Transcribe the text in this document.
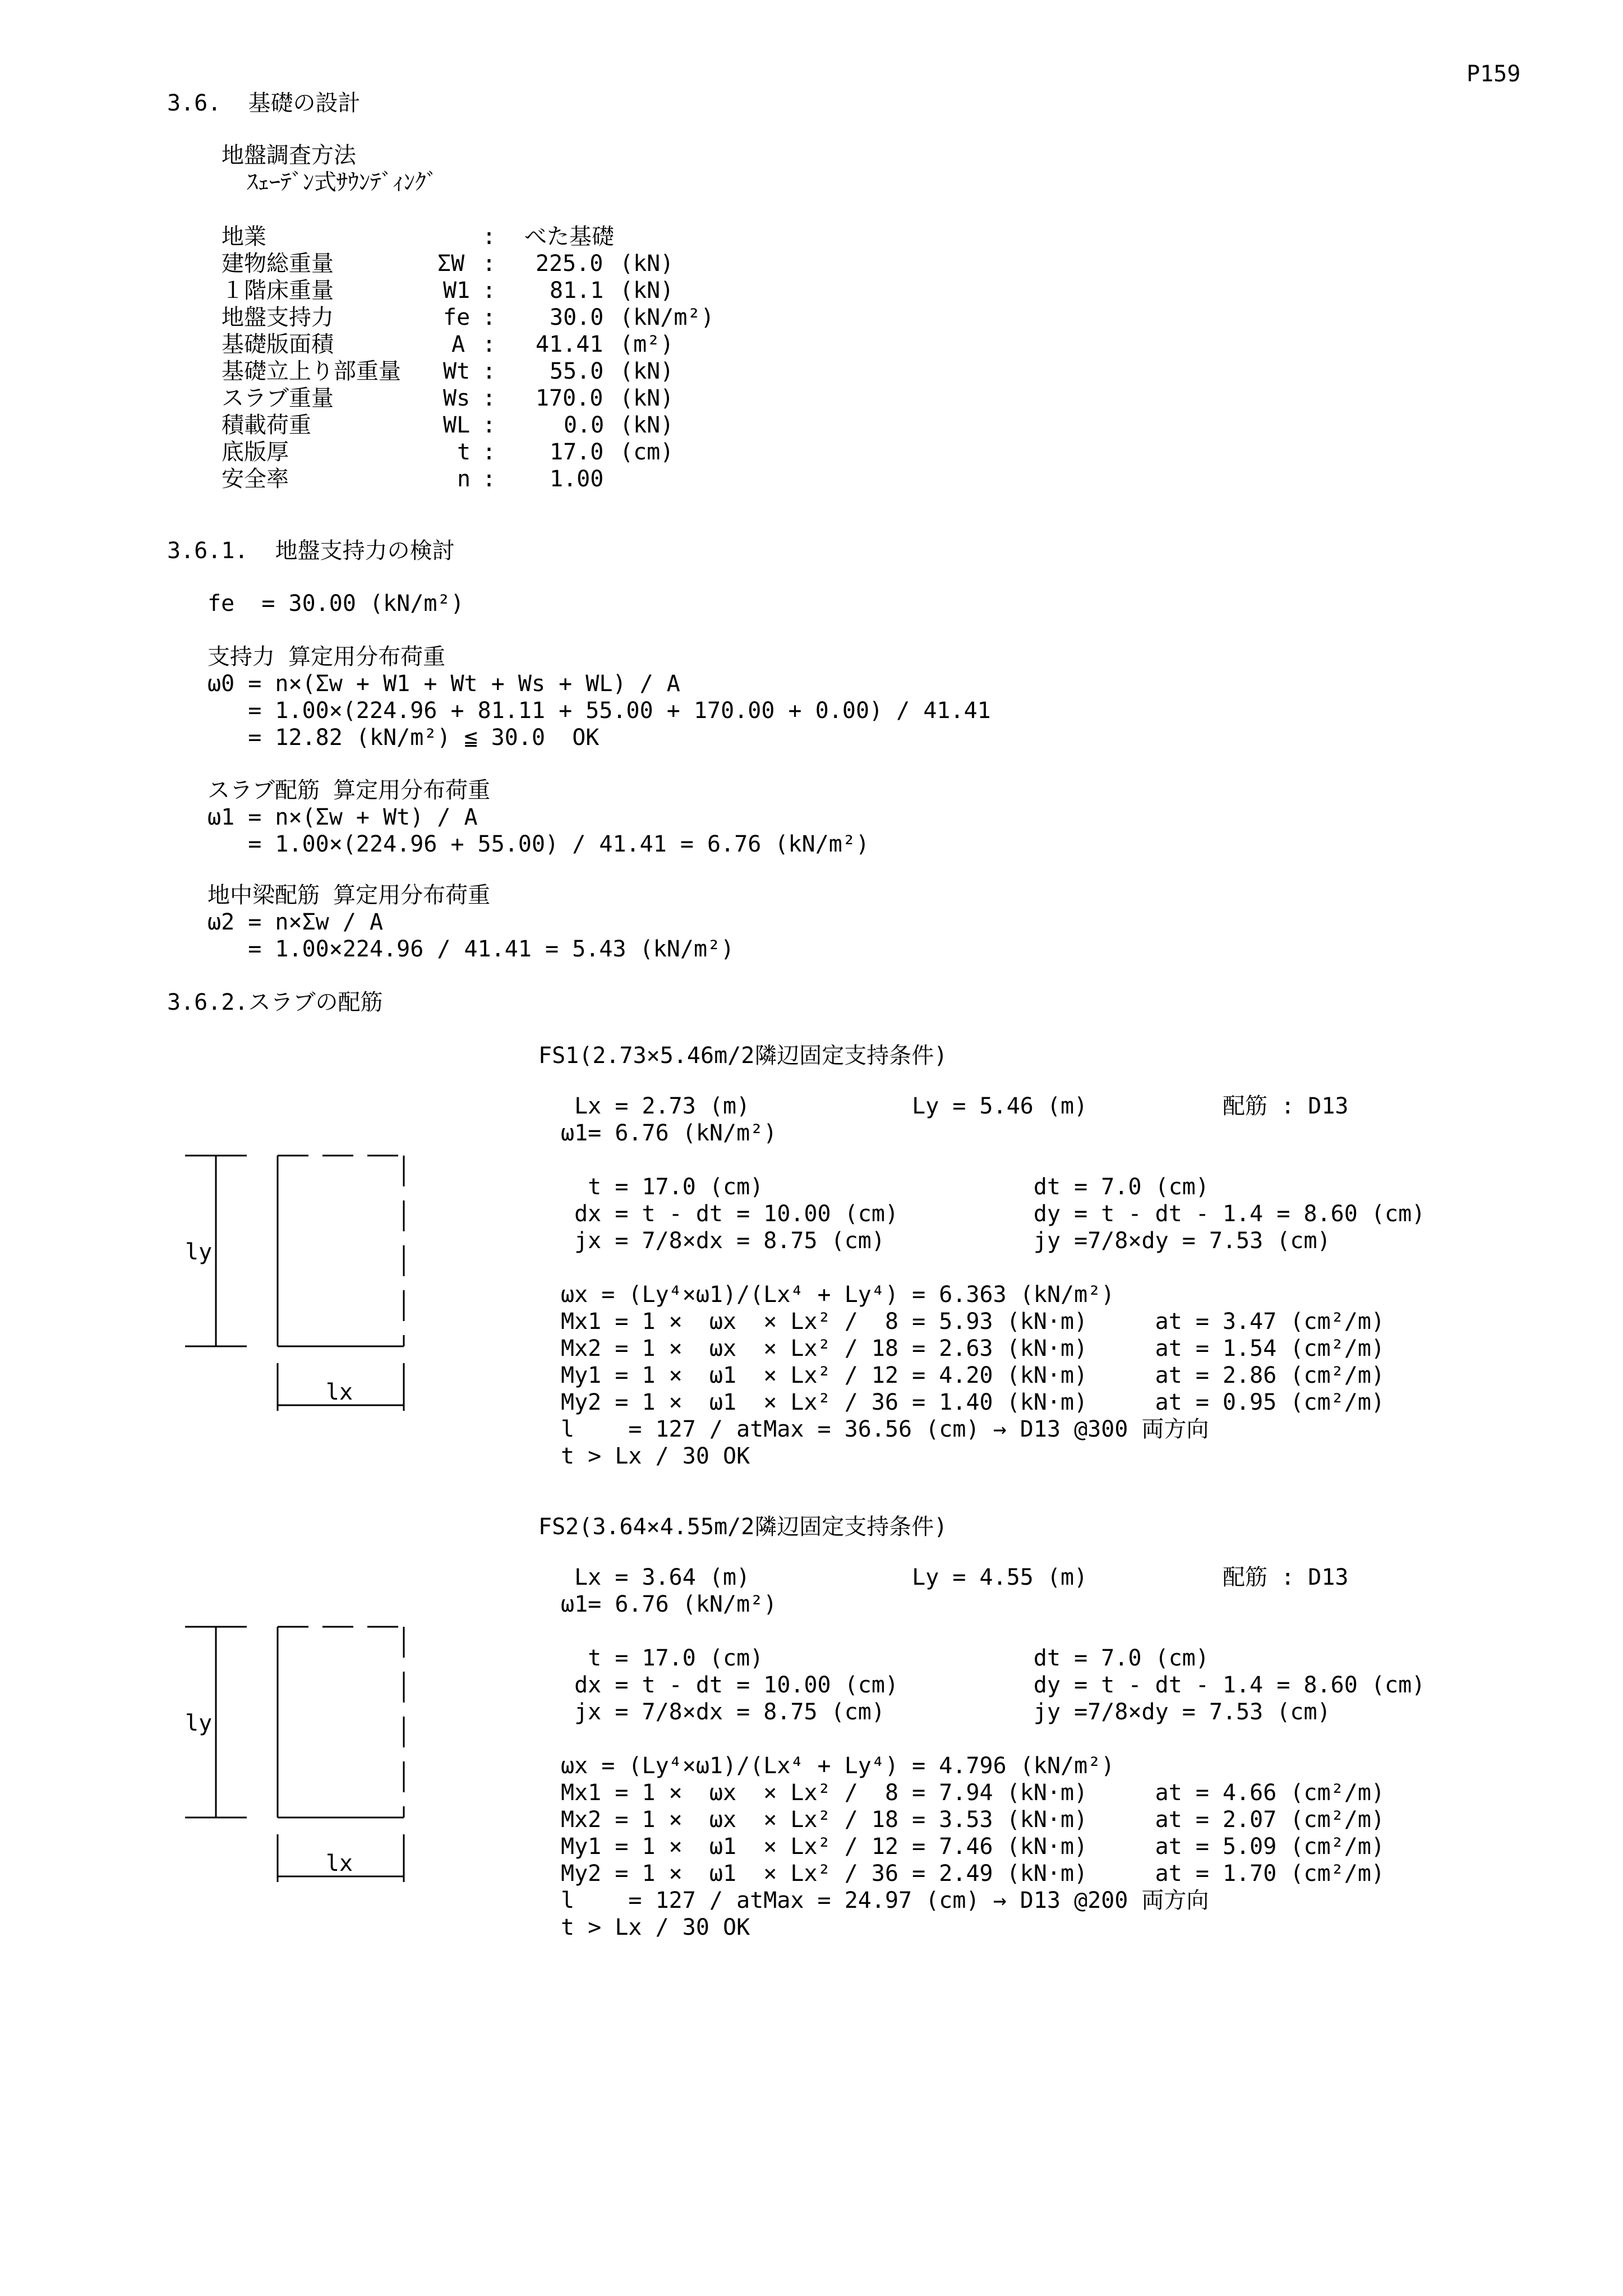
P159
3.6.  基礎の設計
地盤調査方法
ｽｪｰﾃﾞﾝ式ｻｳﾝﾃﾞｨﾝｸﾞ
地業	: べた基礎
建物総重量	ΣW : 225.0 (kN)
１階床重量	W1 : 81.1 (kN)
地盤支持力	fe : 30.0 (kN/m²)
基礎版面積	A : 41.41 (m²)
基礎立上り部重量 Wt : 55.0 (kN)
スラブ重量	Ws : 170.0 (kN)
積載荷重	WL :	0.0 (kN)
底版厚	t : 17.0 (cm)
安全率	n : 1.00
3.6.1.  地盤支持力の検討
fe  = 30.00 (kN/m²)
支持力 算定用分布荷重
ω0 = n×(Σw + W1 + Wt + Ws + WL) / A
= 1.00×(224.96 + 81.11 + 55.00 + 170.00 + 0.00) / 41.41
= 12.82 (kN/m²) ≦ 30.0  OK
スラブ配筋 算定用分布荷重
ω1 = n×(Σw + Wt) / A
= 1.00×(224.96 + 55.00) / 41.41 = 6.76 (kN/m²)
地中梁配筋 算定用分布荷重
ω2 = n×Σw / A
= 1.00×224.96 / 41.41 = 5.43 (kN/m²)
3.6.2.スラブの配筋
FS1(2.73×5.46m/2隣辺固定支持条件)
Lx = 2.73 (m)            Ly = 5.46 (m)          配筋 : D13
ω1= 6.76 (kN/m²)
t = 17.0 (cm)                    dt = 7.0 (cm)
dx = t - dt = 10.00 (cm)          dy = t - dt - 1.4 = 8.60 (cm)
jx = 7/8×dx = 8.75 (cm)           jy =7/8×dy = 7.53 (cm)
ωx = (Ly⁴×ω1)/(Lx⁴ + Ly⁴) = 6.363 (kN/m²)
Mx1 = 1 ×  ωx  × Lx² /  8 = 5.93 (kN·m)     at = 3.47 (cm²/m)
Mx2 = 1 ×  ωx  × Lx² / 18 = 2.63 (kN·m)     at = 1.54 (cm²/m)
My1 = 1 ×  ω1  × Lx² / 12 = 4.20 (kN·m)     at = 2.86 (cm²/m)
My2 = 1 ×  ω1  × Lx² / 36 = 1.40 (kN·m)     at = 0.95 (cm²/m)
l    = 127 / atMax = 36.56 (cm) → D13 @300 両方向
t > Lx / 30 OK
ly
lx
FS2(3.64×4.55m/2隣辺固定支持条件)
Lx = 3.64 (m)            Ly = 4.55 (m)          配筋 : D13
ω1= 6.76 (kN/m²)
t = 17.0 (cm)                    dt = 7.0 (cm)
dx = t - dt = 10.00 (cm)          dy = t - dt - 1.4 = 8.60 (cm)
jx = 7/8×dx = 8.75 (cm)           jy =7/8×dy = 7.53 (cm)
ωx = (Ly⁴×ω1)/(Lx⁴ + Ly⁴) = 4.796 (kN/m²)
Mx1 = 1 ×  ωx  × Lx² /  8 = 7.94 (kN·m)     at = 4.66 (cm²/m)
Mx2 = 1 ×  ωx  × Lx² / 18 = 3.53 (kN·m)     at = 2.07 (cm²/m)
My1 = 1 ×  ω1  × Lx² / 12 = 7.46 (kN·m)     at = 5.09 (cm²/m)
My2 = 1 ×  ω1  × Lx² / 36 = 2.49 (kN·m)     at = 1.70 (cm²/m)
l    = 127 / atMax = 24.97 (cm) → D13 @200 両方向
t > Lx / 30 OK
ly
lx
